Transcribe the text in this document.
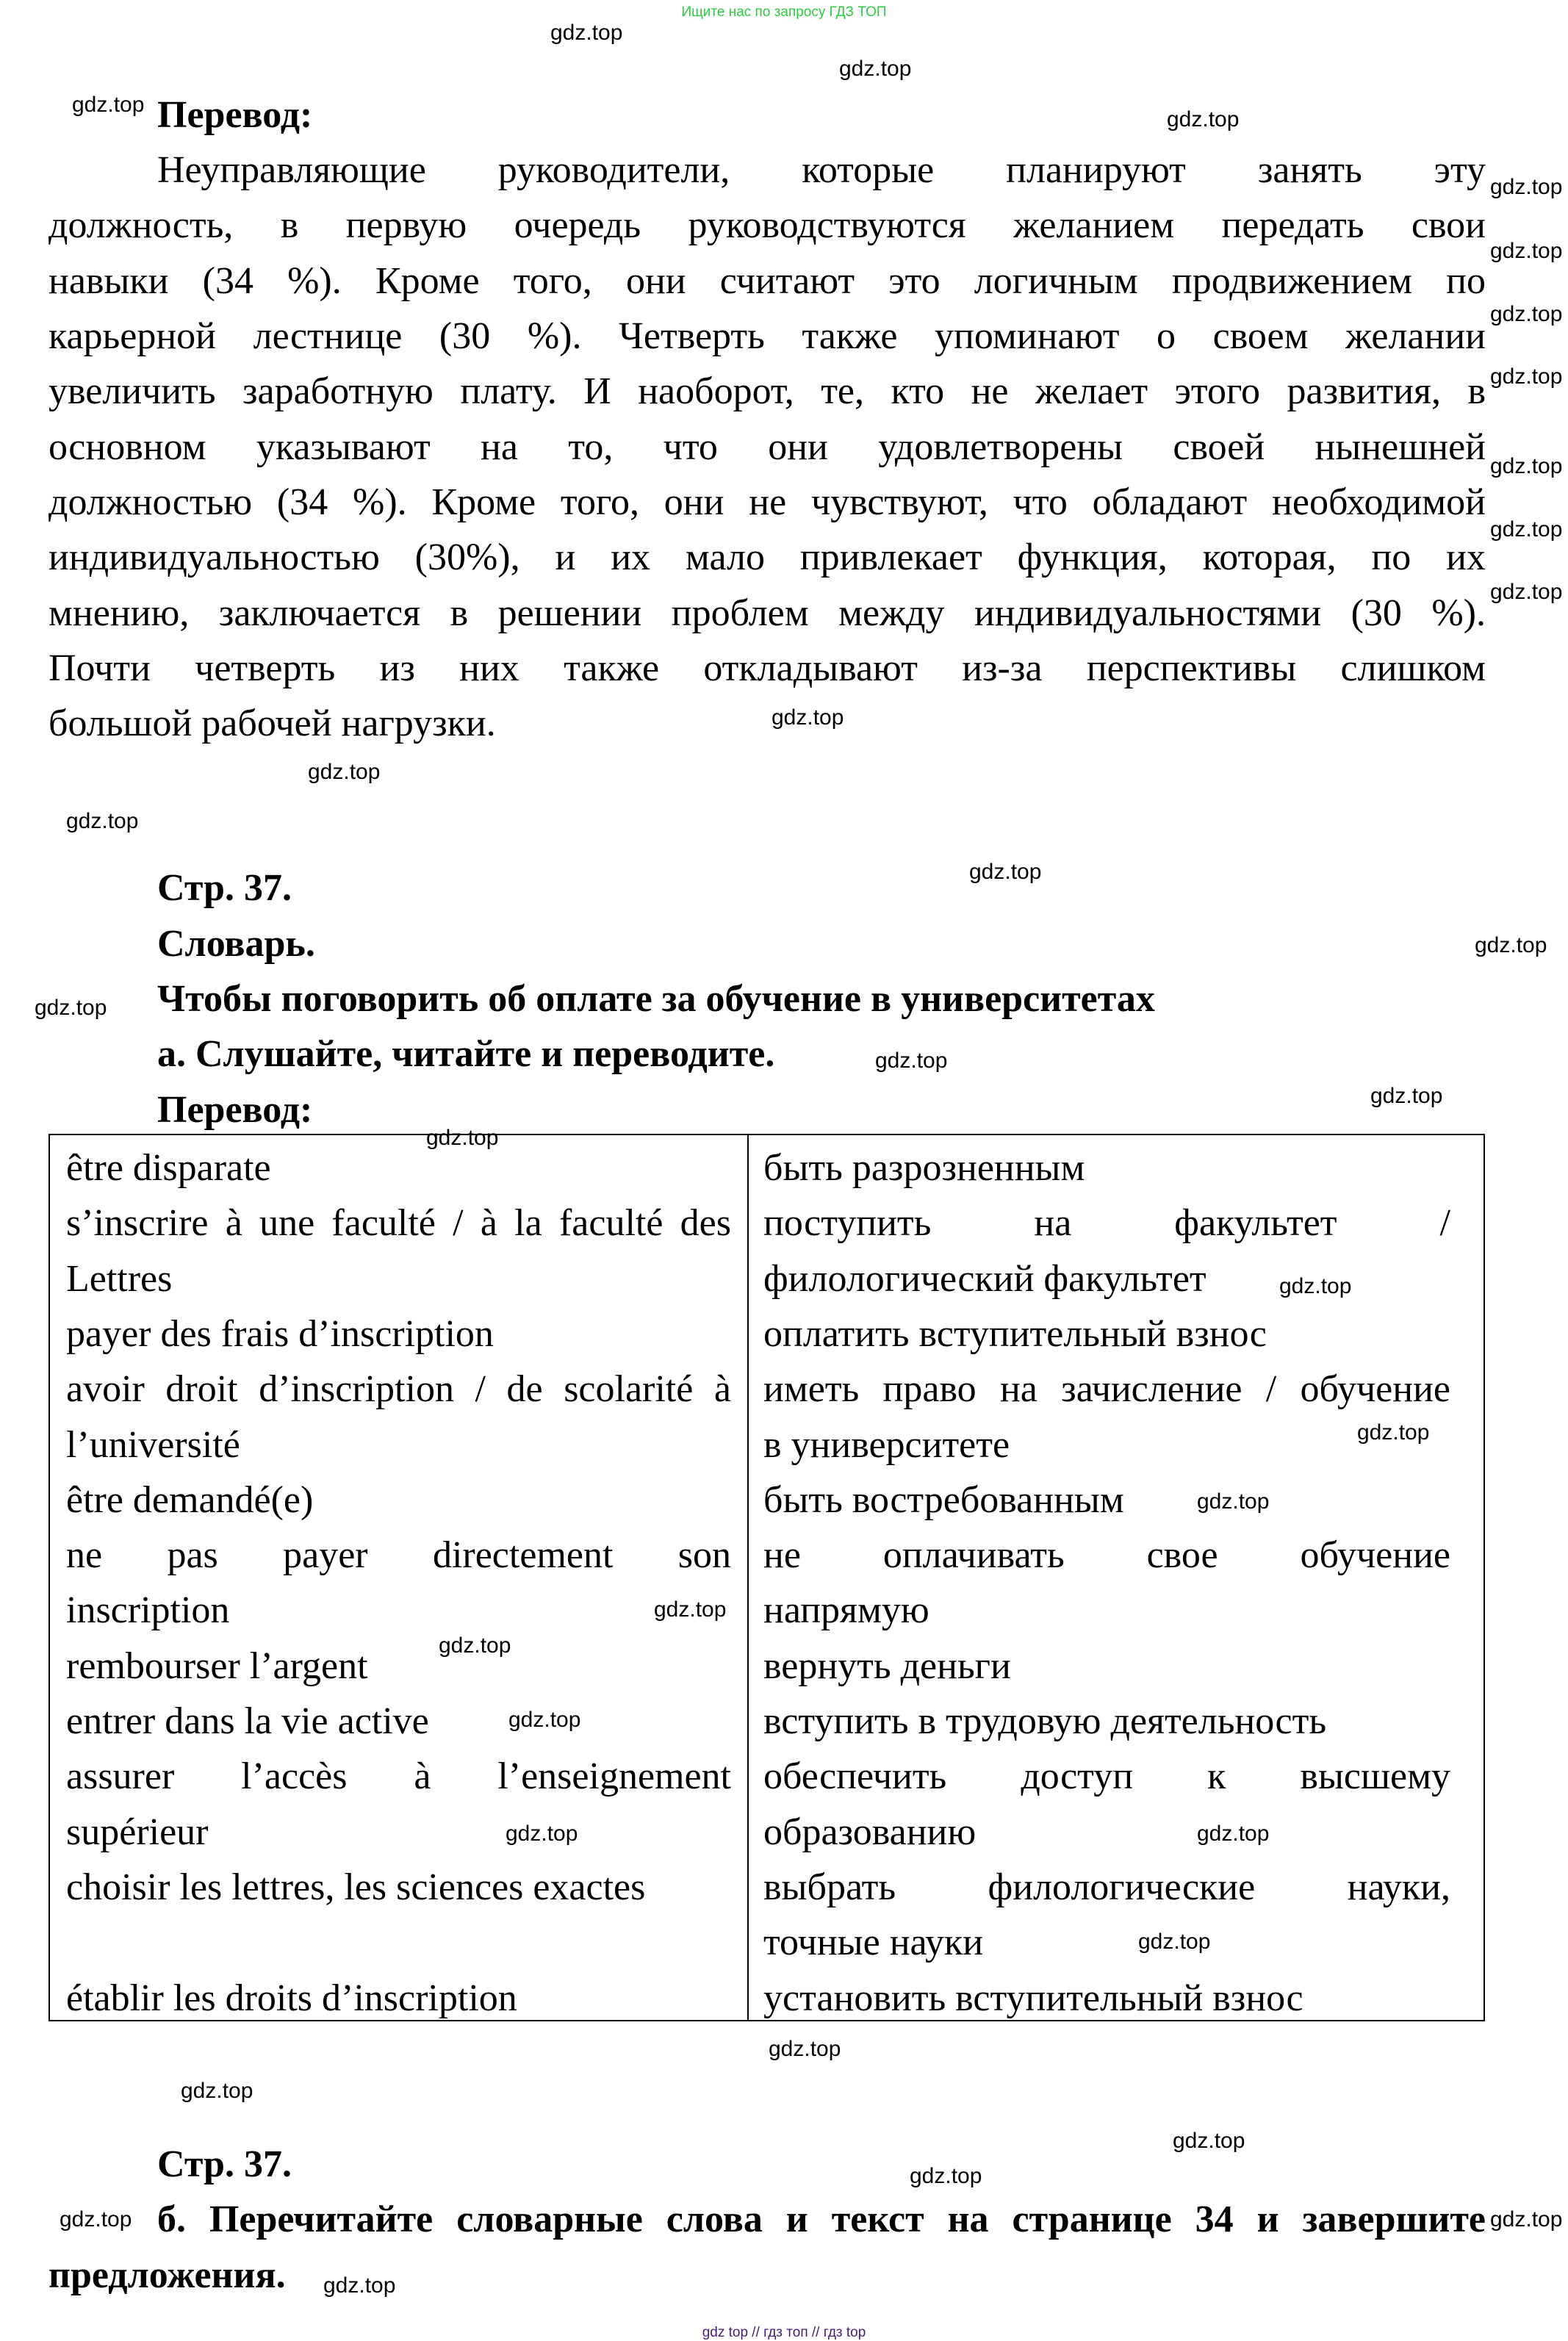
Ищите нас по запросу ГДЗ ТОП
Перевод:
Неуправляющие руководители, которые планируют занять эту
должность, в первую очередь руководствуются желанием передать свои
навыки (34 %). Кроме того, они считают это логичным продвижением по
карьерной лестнице (30 %). Четверть также упоминают о своем желании
увеличить заработную плату. И наоборот, те, кто не желает этого развития, в
основном указывают на то, что они удовлетворены своей нынешней
должностью (34 %). Кроме того, они не чувствуют, что обладают необходимой
индивидуальностью (30%), и их мало привлекает функция, которая, по их
мнению, заключается в решении проблем между индивидуальностями (30 %).
Почти четверть из них также откладывают из-за перспективы слишком
большой рабочей нагрузки.
Стр. 37.
Словарь.
Чтобы поговорить об оплате за обучение в университетах
а. Слушайте, читайте и переводите.
Перевод:
être disparate
s’inscrire à une faculté / à la faculté des
Lettres
payer des frais d’inscription
avoir droit d’inscription / de scolarité à
l’université
être demandé(e)
ne pas payer directement son
inscription
rembourser l’argent
entrer dans la vie active
assurer l’accès à l’enseignement
supérieur
choisir les lettres, les sciences exactes
établir les droits d’inscription
быть разрозненным
поступить на факультет /
филологический факультет
оплатить вступительный взнос
иметь право на зачисление / обучение
в университете
быть востребованным
не оплачивать свое обучение
напрямую
вернуть деньги
вступить в трудовую деятельность
обеспечить доступ к высшему
образованию
выбрать филологические науки,
точные науки
установить вступительный взнос
Стр. 37.
б. Перечитайте словарные слова и текст на странице 34 и завершите
предложения.
gdz.top
gdz.top
gdz.top
gdz.top
gdz.top
gdz.top
gdz.top
gdz.top
gdz.top
gdz.top
gdz.top
gdz.top
gdz.top
gdz.top
gdz.top
gdz.top
gdz.top
gdz.top
gdz.top
gdz.top
gdz.top
gdz.top
gdz.top
gdz.top
gdz.top
gdz.top
gdz.top
gdz.top
gdz.top
gdz.top
gdz.top
gdz.top
gdz.top
gdz.top
gdz.top
gdz.top
gdz top // гдз топ // гдз top
